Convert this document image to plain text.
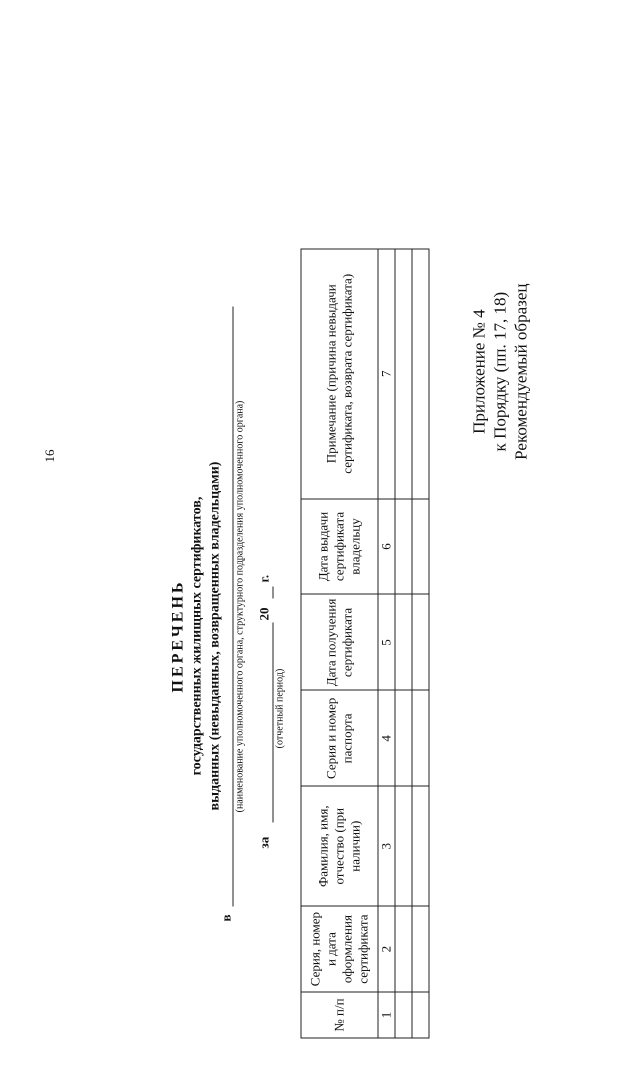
16
Приложение № 4 к Порядку (пп. 17, 18) Рекомендуемый образец
ПЕРЕЧЕНЬ государственных жилищных сертификатов, выданных (невыданных, возвращенных владельцами)
в
(наименование уполномоченного органа, структурного подразделения уполномоченного органа)
за
20
г.
(отчетный период)
№ п/п	Серия, номер и дата оформления сертификата	Фамилия, имя, отчество (при наличии)	Серия и номер паспорта	Дата получения сертификата	Дата выдачи сертификата владельцу	Примечание (причина невыдачи сертификата, возврата сертификата)
1	2	3	4	5	6	7
